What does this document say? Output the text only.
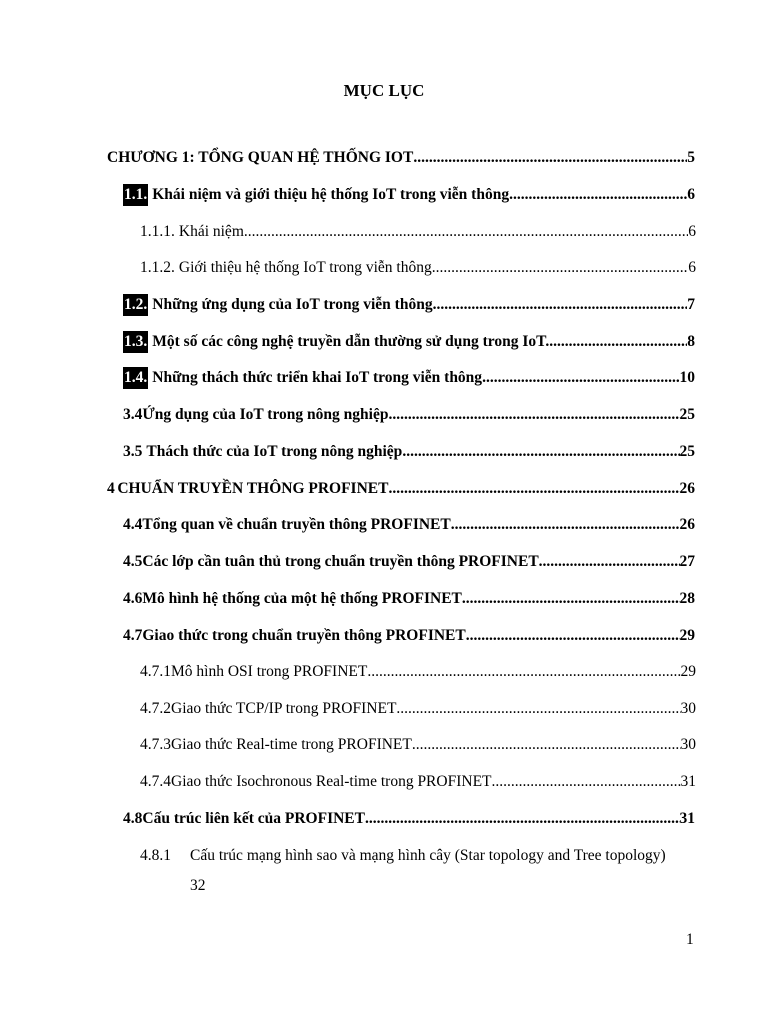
MỤC LỤC
CHƯƠNG 1: TỔNG QUAN HỆ THỐNG IOT .....	5
1.1. Khái niệm và giới thiệu hệ thống IoT trong viễn thông .....	6
1.1.1. Khái niệm .....	6
1.1.2. Giới thiệu hệ thống IoT trong viễn thông .....	6
1.2. Những ứng dụng của IoT trong viễn thông .....	7
1.3. Một số các công nghệ truyền dẫn thường sử dụng trong IoT. .....	8
1.4. Những thách thức triển khai IoT trong viễn thông .....	10
3.4 Ứng dụng của IoT trong nông nghiệp .....	25
3.5 Thách thức của IoT trong nông nghiệp .....	25
4 CHUẨN TRUYỀN THÔNG PROFINET .....	26
4.4 Tổng quan về chuẩn truyền thông PROFINET .....	26
4.5 Các lớp cần tuân thủ trong chuẩn truyền thông PROFINET .....	27
4.6 Mô hình hệ thống của một hệ thống PROFINET .....	28
4.7 Giao thức trong chuẩn truyền thông PROFINET .....	29
4.7.1 Mô hình OSI trong PROFINET .....	29
4.7.2 Giao thức TCP/IP trong PROFINET .....	30
4.7.3 Giao thức Real-time trong PROFINET .....	30
4.7.4 Giao thức Isochronous Real-time trong PROFINET .....	31
4.8 Cấu trúc liên kết của PROFINET .....	31
4.8.1	Cấu trúc mạng hình sao và mạng hình cây (Star topology and Tree topology)
32
1
